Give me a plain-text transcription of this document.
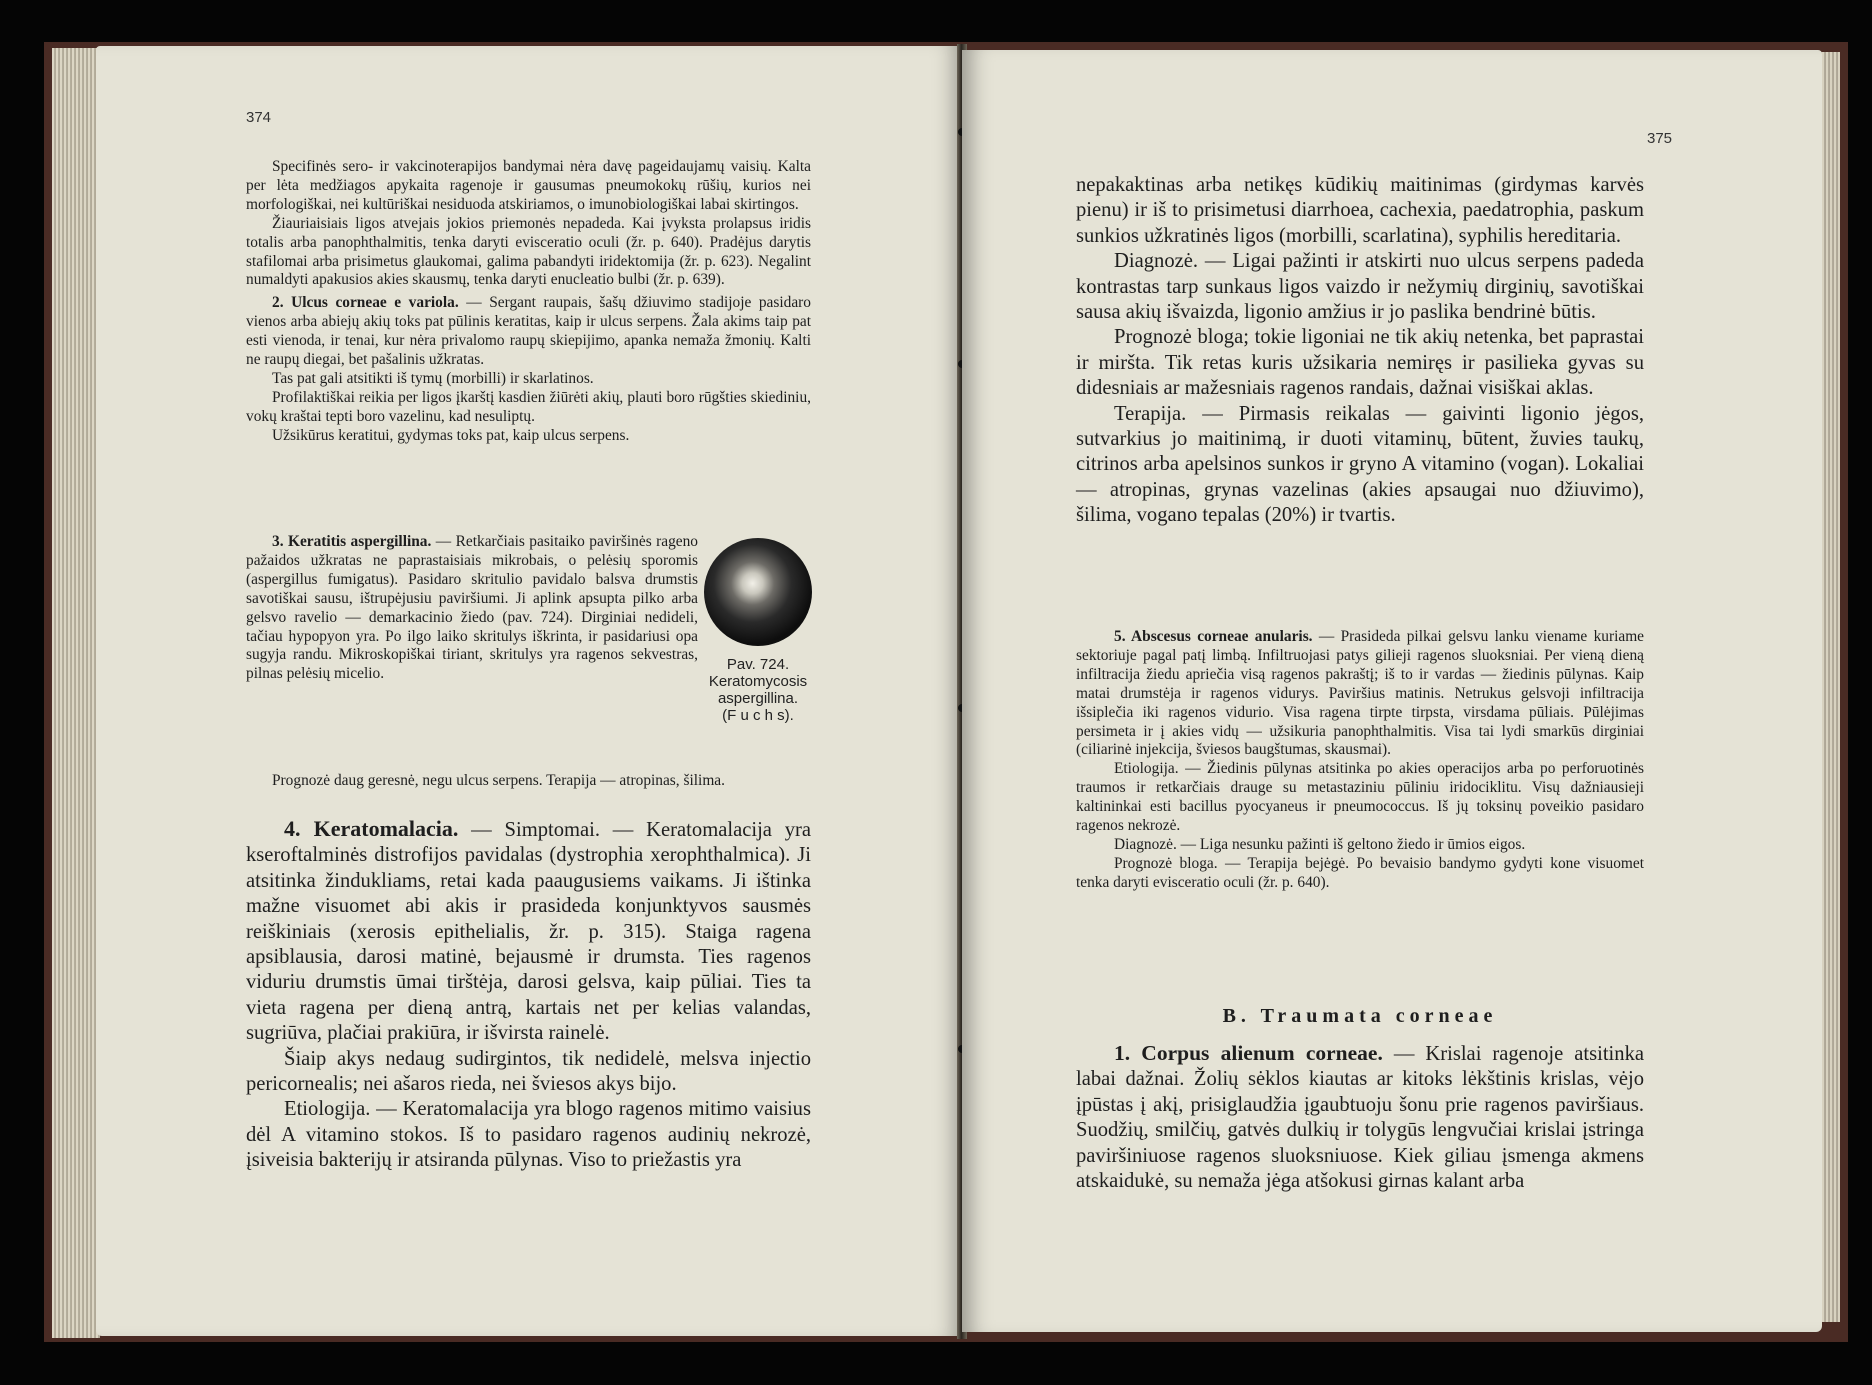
374

Specifinės sero- ir vakcinoterapijos bandymai nėra davę pageidaujamų vaisių. Kalta per lėta medžiagos apykaita ragenoje ir gausumas pneumokokų rūšių, kurios nei morfologiškai, nei kultūriškai nesiduoda atskiriamos, o imunobiologiškai labai skirtingos.

Žiauriaisiais ligos atvejais jokios priemonės nepadeda. Kai įvyksta prolapsus iridis totalis arba panophthalmitis, tenka daryti evisceratio oculi (žr. p. 640). Pradėjus darytis stafilomai arba prisimetus glaukomai, galima pabandyti iridektomija (žr. p. 623). Negalint numaldyti apakusios akies skausmų, tenka daryti enucleatio bulbi (žr. p. 639).

2. Ulcus corneae e variola. — Sergant raupais, šašų džiuvimo stadijoje pasidaro vienos arba abiejų akių toks pat pūlinis keratitas, kaip ir ulcus serpens. Žala akims taip pat esti vienoda, ir tenai, kur nėra privalomo raupų skiepijimo, apanka nemaža žmonių. Kalti ne raupų diegai, bet pašalinis užkratas.

Tas pat gali atsitikti iš tymų (morbilli) ir skarlatinos.

Profilaktiškai reikia per ligos įkarštį kasdien žiūrėti akių, plauti boro rūgšties skiediniu, vokų kraštai tepti boro vazelinu, kad nesuliptų.

Užsikūrus keratitui, gydymas toks pat, kaip ulcus serpens.

3. Keratitis aspergillina. — Retkarčiais pasitaiko paviršinės rageno pažaidos užkratas ne paprastaisiais mikrobais, o pelėsių sporomis (aspergillus fumigatus). Pasidaro skritulio pavidalo balsva drumstis savotiškai sausu, ištrupėjusiu paviršiumi. Ji aplink apsupta pilko arba gelsvo ravelio — demarkacinio žiedo (pav. 724). Dirginiai nedideli, tačiau hypopyon yra. Po ilgo laiko skritulys iškrinta, ir pasidariusi opa sugyja randu. Mikroskopiškai tiriant, skritulys yra ragenos sekvestras, pilnas pelėsių micelio.

Pav. 724.
Keratomycosis
aspergillina.
(F u c h s).

Prognozė daug geresnė, negu ulcus serpens. Terapija — atropinas, šilima.

4. Keratomalacia. — Simptomai. — Keratomalacija yra kseroftalminės distrofijos pavidalas (dystrophia xerophthalmica). Ji atsitinka žindukliams, retai kada paaugusiems vaikams. Ji ištinka mažne visuomet abi akis ir prasideda konjunktyvos sausmės reiškiniais (xerosis epithelialis, žr. p. 315). Staiga ragena apsiblausia, darosi matinė, bejausmė ir drumsta. Ties ragenos viduriu drumstis ūmai tirštėja, darosi gelsva, kaip pūliai. Ties ta vieta ragena per dieną antrą, kartais net per kelias valandas, sugriūva, plačiai prakiūra, ir išvirsta rainelė.

Šiaip akys nedaug sudirgintos, tik nedidelė, melsva injectio pericornealis; nei ašaros rieda, nei šviesos akys bijo.

Etiologija. — Keratomalacija yra blogo ragenos mitimo vaisius dėl A vitamino stokos. Iš to pasidaro ragenos audinių nekrozė, įsiveisia bakterijų ir atsiranda pūlynas. Viso to priežastis yra

375

nepakaktinas arba netikęs kūdikių maitinimas (girdymas karvės pienu) ir iš to prisimetusi diarrhoea, cachexia, paedatrophia, paskum sunkios užkratinės ligos (morbilli, scarlatina), syphilis hereditaria.

Diagnozė. — Ligai pažinti ir atskirti nuo ulcus serpens padeda kontrastas tarp sunkaus ligos vaizdo ir nežymių dirginių, savotiškai sausa akių išvaizda, ligonio amžius ir jo paslika bendrinė būtis.

Prognozė bloga; tokie ligoniai ne tik akių netenka, bet paprastai ir miršta. Tik retas kuris užsikaria nemiręs ir pasilieka gyvas su didesniais ar mažesniais ragenos randais, dažnai visiškai aklas.

Terapija. — Pirmasis reikalas — gaivinti ligonio jėgos, sutvarkius jo maitinimą, ir duoti vitaminų, būtent, žuvies taukų, citrinos arba apelsinos sunkos ir gryno A vitamino (vogan). Lokaliai — atropinas, grynas vazelinas (akies apsaugai nuo džiuvimo), šilima, vogano tepalas (20%) ir tvartis.

5. Abscesus corneae anularis. — Prasideda pilkai gelsvu lanku viename kuriame sektoriuje pagal patį limbą. Infiltruojasi patys gilieji ragenos sluoksniai. Per vieną dieną infiltracija žiedu apriečia visą ragenos pakraštį; iš to ir vardas — žiedinis pūlynas. Kaip matai drumstėja ir ragenos vidurys. Paviršius matinis. Netrukus gelsvoji infiltracija išsiplečia iki ragenos vidurio. Visa ragena tirpte tirpsta, virsdama pūliais. Pūlėjimas persimeta ir į akies vidų — užsikuria panophthalmitis. Visa tai lydi smarkūs dirginiai (ciliarinė injekcija, šviesos baugštumas, skausmai).

Etiologija. — Žiedinis pūlynas atsitinka po akies operacijos arba po perforuotinės traumos ir retkarčiais drauge su metastaziniu pūliniu iridociklitu. Visų dažniausieji kaltininkai esti bacillus pyocyaneus ir pneumococcus. Iš jų toksinų poveikio pasidaro ragenos nekrozė.

Diagnozė. — Liga nesunku pažinti iš geltono žiedo ir ūmios eigos.

Prognozė bloga. — Terapija bejėgė. Po bevaisio bandymo gydyti kone visuomet tenka daryti evisceratio oculi (žr. p. 640).

B. Traumata corneae

1. Corpus alienum corneae. — Krislai ragenoje atsitinka labai dažnai. Žolių sėklos kiautas ar kitoks lėkštinis krislas, vėjo įpūstas į akį, prisiglaudžia įgaubtuoju šonu prie ragenos paviršiaus. Suodžių, smilčių, gatvės dulkių ir tolygūs lengvučiai krislai įstringa paviršiniuose ragenos sluoksniuose. Kiek giliau įsmenga akmens atskaidukė, su nemaža jėga atšokusi girnas kalant arba
